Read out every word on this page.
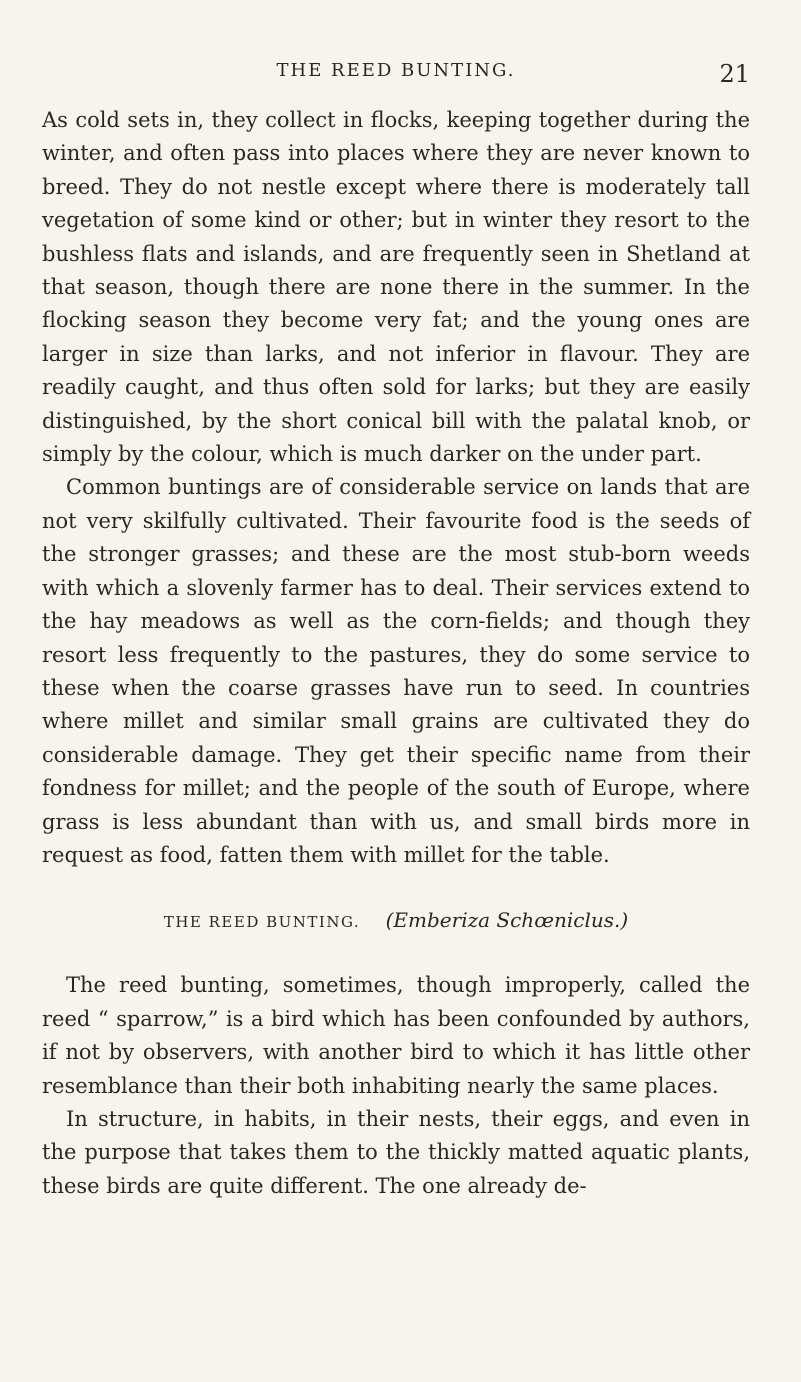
THE REED BUNTING.	21

As cold sets in, they collect in flocks, keeping together during the winter, and often pass into places where they are never known to breed. They do not nestle except where there is moderately tall vegetation of some kind or other; but in winter they resort to the bushless flats and islands, and are frequently seen in Shetland at that season, though there are none there in the summer. In the flocking season they become very fat; and the young ones are larger in size than larks, and not inferior in flavour. They are readily caught, and thus often sold for larks; but they are easily distinguished, by the short conical bill with the palatal knob, or simply by the colour, which is much darker on the under part.

Common buntings are of considerable service on lands that are not very skilfully cultivated. Their favourite food is the seeds of the stronger grasses; and these are the most stub-born weeds with which a slovenly farmer has to deal. Their services extend to the hay meadows as well as the corn-fields; and though they resort less frequently to the pastures, they do some service to these when the coarse grasses have run to seed. In countries where millet and similar small grains are cultivated they do considerable damage. They get their specific name from their fondness for millet; and the people of the south of Europe, where grass is less abundant than with us, and small birds more in request as food, fatten them with millet for the table.

THE REED BUNTING. (Emberiza Schœniclus.)

The reed bunting, sometimes, though improperly, called the reed “ sparrow,” is a bird which has been confounded by authors, if not by observers, with another bird to which it has little other resemblance than their both inhabiting nearly the same places.

In structure, in habits, in their nests, their eggs, and even in the purpose that takes them to the thickly matted aquatic plants, these birds are quite different. The one already de-
